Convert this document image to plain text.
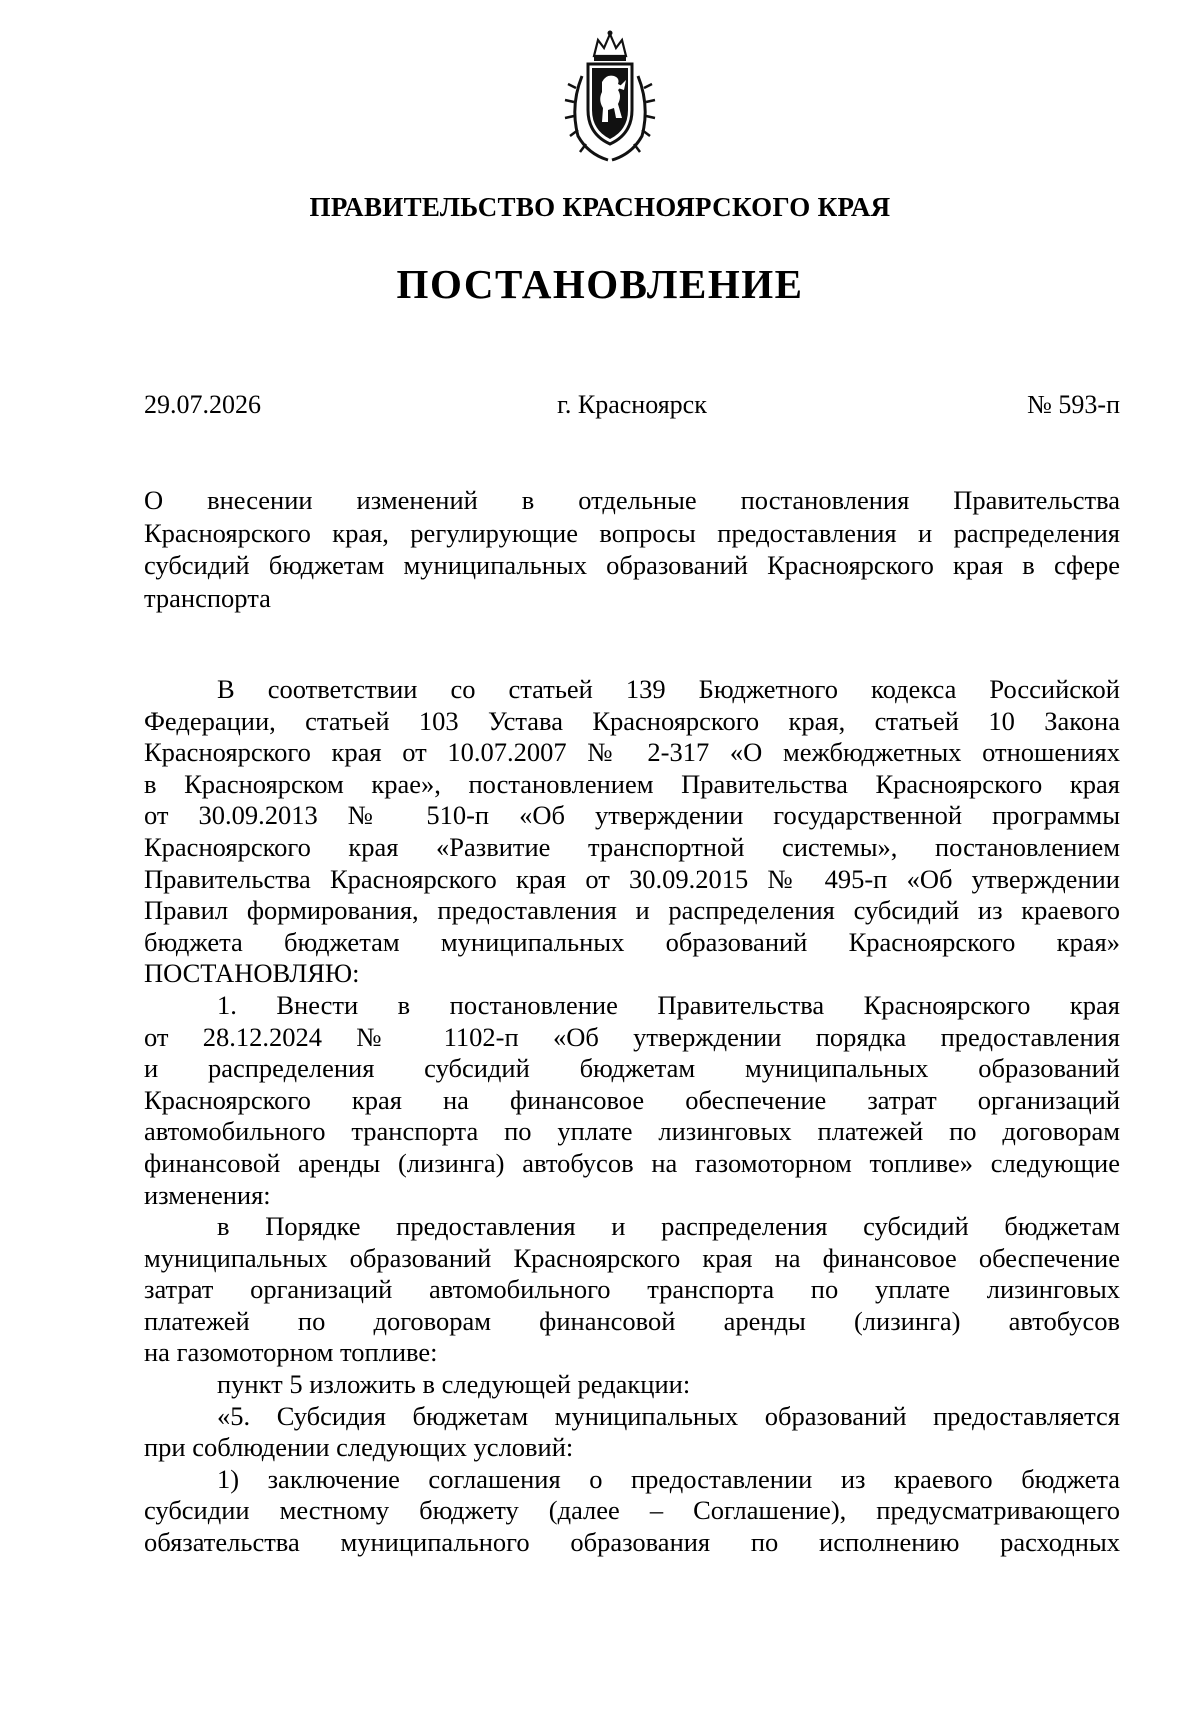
ПРАВИТЕЛЬСТВО КРАСНОЯРСКОГО КРАЯ
ПОСТАНОВЛЕНИЕ
29.07.2026	г. Красноярск	№ 593-п
О внесении изменений в отдельные постановления Правительства
Красноярского края, регулирующие вопросы предоставления и распределения
субсидий бюджетам муниципальных образований Красноярского края в сфере
транспорта
В соответствии со статьей 139 Бюджетного кодекса Российской
Федерации, статьей 103 Устава Красноярского края, статьей 10 Закона
Красноярского края от 10.07.2007 № 2-317 «О межбюджетных отношениях
в Красноярском крае», постановлением Правительства Красноярского края
от 30.09.2013 № 510-п «Об утверждении государственной программы
Красноярского края «Развитие транспортной системы», постановлением
Правительства Красноярского края от 30.09.2015 № 495-п «Об утверждении
Правил формирования, предоставления и распределения субсидий из краевого
бюджета бюджетам муниципальных образований Красноярского края»
ПОСТАНОВЛЯЮ:
1. Внести в постановление Правительства Красноярского края
от 28.12.2024 № 1102-п «Об утверждении порядка предоставления
и распределения субсидий бюджетам муниципальных образований
Красноярского края на финансовое обеспечение затрат организаций
автомобильного транспорта по уплате лизинговых платежей по договорам
финансовой аренды (лизинга) автобусов на газомоторном топливе» следующие
изменения:
в Порядке предоставления и распределения субсидий бюджетам
муниципальных образований Красноярского края на финансовое обеспечение
затрат организаций автомобильного транспорта по уплате лизинговых
платежей по договорам финансовой аренды (лизинга) автобусов
на газомоторном топливе:
пункт 5 изложить в следующей редакции:
«5. Субсидия бюджетам муниципальных образований предоставляется
при соблюдении следующих условий:
1) заключение соглашения о предоставлении из краевого бюджета
субсидии местному бюджету (далее – Соглашение), предусматривающего
обязательства муниципального образования по исполнению расходных
